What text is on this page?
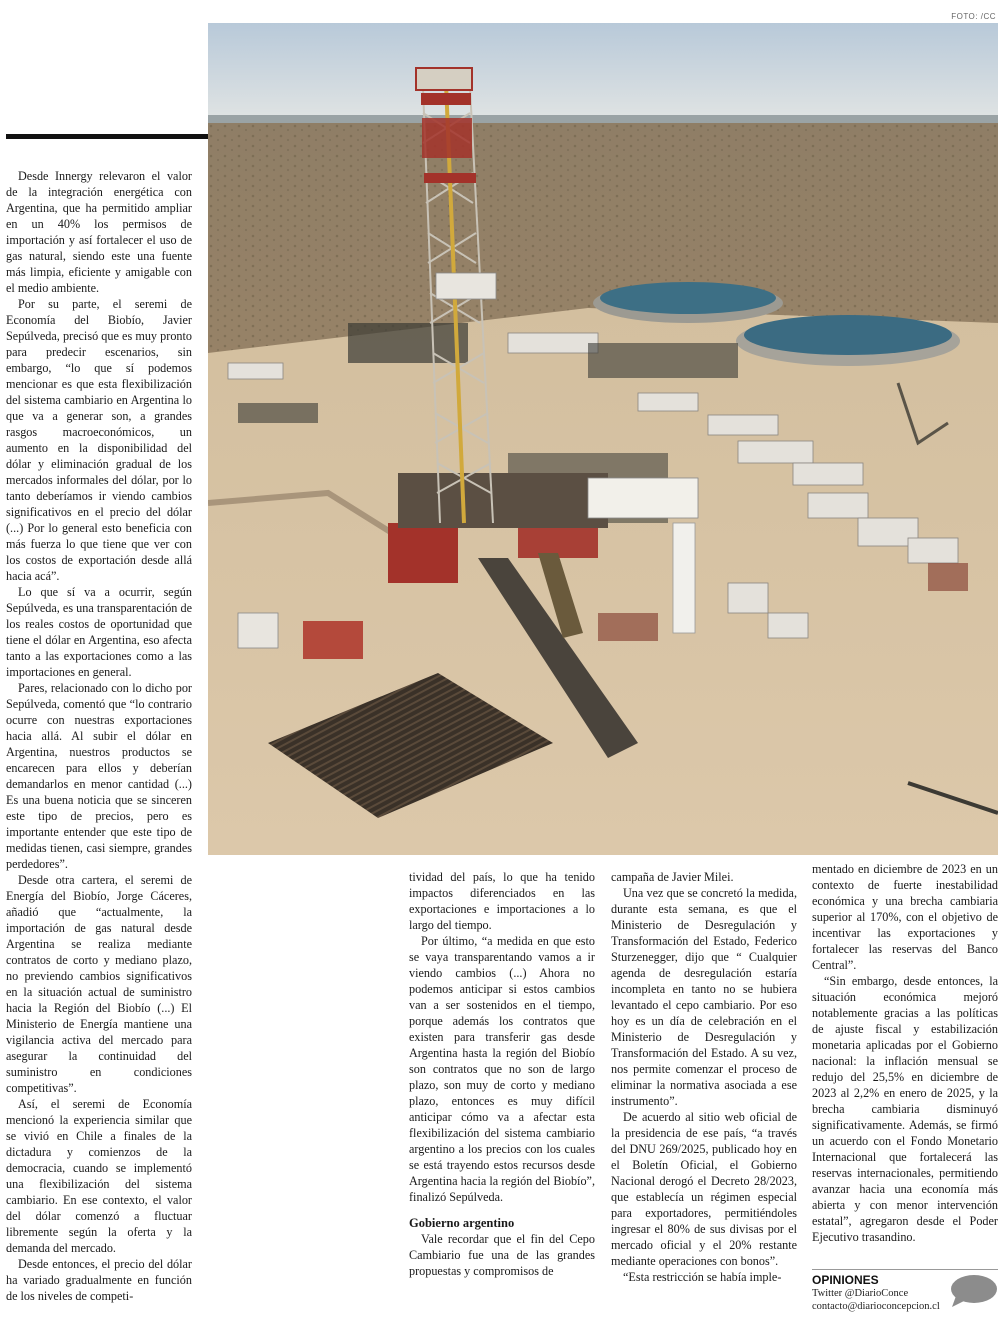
FOTO: /CC

Desde Innergy relevaron el valor de la integración energética con Argentina, que ha permitido ampliar en un 40% los permisos de importación y así fortalecer el uso de gas natural, siendo este una fuente más limpia, eficiente y amigable con el medio ambiente.

Por su parte, el seremi de Economía del Biobío, Javier Sepúlveda, precisó que es muy pronto para predecir escenarios, sin embargo, “lo que sí podemos mencionar es que esta flexibilización del sistema cambiario en Argentina lo que va a generar son, a grandes rasgos macroeconómicos, un aumento en la disponibilidad del dólar y eliminación gradual de los mercados informales del dólar, por lo tanto deberíamos ir viendo cambios significativos en el precio del dólar (...) Por lo general esto beneficia con más fuerza lo que tiene que ver con los costos de exportación desde allá hacia acá”.

Lo que sí va a ocurrir, según Sepúlveda, es una transparentación de los reales costos de oportunidad que tiene el dólar en Argentina, eso afecta tanto a las exportaciones como a las importaciones en general.

Pares, relacionado con lo dicho por Sepúlveda, comentó que “lo contrario ocurre con nuestras exportaciones hacia allá. Al subir el dólar en Argentina, nuestros productos se encarecen para ellos y deberían demandarlos en menor cantidad (...) Es una buena noticia que se sinceren este tipo de precios, pero es importante entender que este tipo de medidas tienen, casi siempre, grandes perdedores”.

Desde otra cartera, el seremi de Energía del Biobío, Jorge Cáceres, añadió que “actualmente, la importación de gas natural desde Argentina se realiza mediante contratos de corto y mediano plazo, no previendo cambios significativos en la situación actual de suministro hacia la Región del Biobío (...) El Ministerio de Energía mantiene una vigilancia activa del mercado para asegurar la continuidad del suministro en condiciones competitivas”.

Así, el seremi de Economía mencionó la experiencia similar que se vivió en Chile a finales de la dictadura y comienzos de la democracia, cuando se implementó una flexibilización del sistema cambiario. En ese contexto, el valor del dólar comenzó a fluctuar libremente según la oferta y la demanda del mercado.

Desde entonces, el precio del dólar ha variado gradualmente en función de los niveles de competi-

tividad del país, lo que ha tenido impactos diferenciados en las exportaciones e importaciones a lo largo del tiempo.

Por último, “a medida en que esto se vaya transparentando vamos a ir viendo cambios (...) Ahora no podemos anticipar si estos cambios van a ser sostenidos en el tiempo, porque además los contratos que existen para transferir gas desde Argentina hasta la región del Biobío son contratos que no son de largo plazo, son muy de corto y mediano plazo, entonces es muy difícil anticipar cómo va a afectar esta flexibilización del sistema cambiario argentino a los precios con los cuales se está trayendo estos recursos desde Argentina hacia la región del Biobío”, finalizó Sepúlveda.

Gobierno argentino

Vale recordar que el fin del Cepo Cambiario fue una de las grandes propuestas y compromisos de

campaña de Javier Milei.

Una vez que se concretó la medida, durante esta semana, es que el Ministerio de Desregulación y Transformación del Estado, Federico Sturzenegger, dijo que “ Cualquier agenda de desregulación estaría incompleta en tanto no se hubiera levantado el cepo cambiario. Por eso hoy es un día de celebración en el Ministerio de Desregulación y Transformación del Estado. A su vez, nos permite comenzar el proceso de eliminar la normativa asociada a ese instrumento”.

De acuerdo al sitio web oficial de la presidencia de ese país, “a través del DNU 269/2025, publicado hoy en el Boletín Oficial, el Gobierno Nacional derogó el Decreto 28/2023, que establecía un régimen especial para exportadores, permitiéndoles ingresar el 80% de sus divisas por el mercado oficial y el 20% restante mediante operaciones con bonos”.

“Esta restricción se había imple-

mentado en diciembre de 2023 en un contexto de fuerte inestabilidad económica y una brecha cambiaria superior al 170%, con el objetivo de incentivar las exportaciones y fortalecer las reservas del Banco Central”.

“Sin embargo, desde entonces, la situación económica mejoró notablemente gracias a las políticas de ajuste fiscal y estabilización monetaria aplicadas por el Gobierno nacional: la inflación mensual se redujo del 25,5% en diciembre de 2023 al 2,2% en enero de 2025, y la brecha cambiaria disminuyó significativamente. Además, se firmó un acuerdo con el Fondo Monetario Internacional que fortalecerá las reservas internacionales, permitiendo avanzar hacia una economía más abierta y con menor intervención estatal”, agregaron desde el Poder Ejecutivo trasandino.

OPINIONES
Twitter @DiarioConce
contacto@diarioconcepcion.cl
